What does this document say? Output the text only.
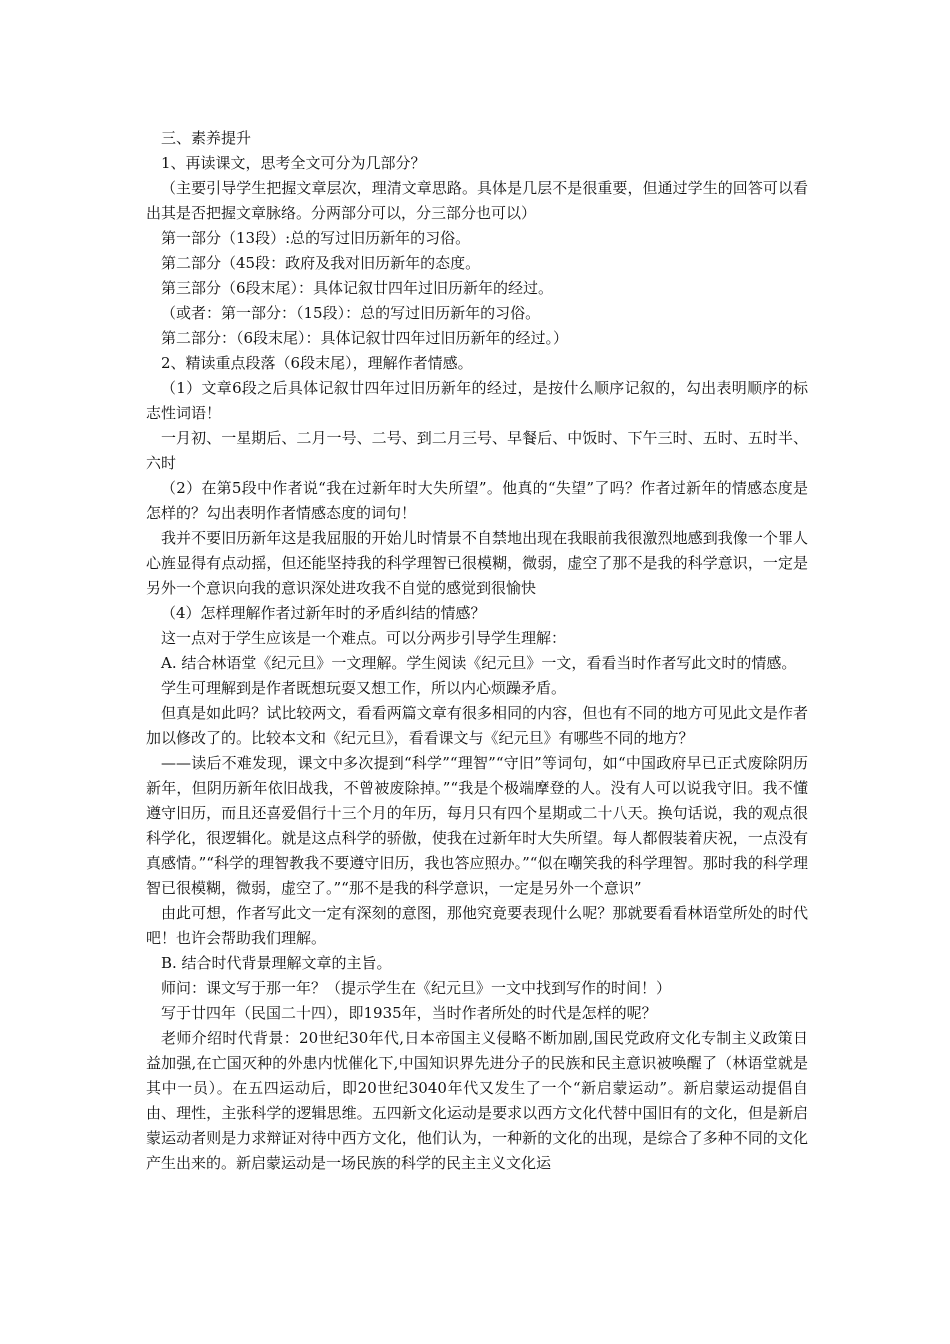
三、素养提升

1、再读课文，思考全文可分为几部分？

（主要引导学生把握文章层次，理清文章思路。具体是几层不是很重要，但通过学生的回答可以看出其是否把握文章脉络。分两部分可以，分三部分也可以）

第一部分（13段）:总的写过旧历新年的习俗。

第二部分（45段：政府及我对旧历新年的态度。

第三部分（6段末尾）：具体记叙廿四年过旧历新年的经过。

（或者：第一部分：（15段）：总的写过旧历新年的习俗。

第二部分：（6段末尾）：具体记叙廿四年过旧历新年的经过。）

2、精读重点段落（6段末尾），理解作者情感。

（1）文章6段之后具体记叙廿四年过旧历新年的经过，是按什么顺序记叙的，勾出表明顺序的标志性词语！

一月初、一星期后、二月一号、二号、到二月三号、早餐后、中饭时、下午三时、五时、五时半、六时

（2）在第5段中作者说“我在过新年时大失所望”。他真的“失望”了吗？作者过新年的情感态度是怎样的？勾出表明作者情感态度的词句！

我并不要旧历新年这是我屈服的开始儿时情景不自禁地出现在我眼前我很激烈地感到我像一个罪人心旌显得有点动摇，但还能坚持我的科学理智已很模糊，微弱，虚空了那不是我的科学意识，一定是另外一个意识向我的意识深处进攻我不自觉的感觉到很愉快

（4）怎样理解作者过新年时的矛盾纠结的情感？

这一点对于学生应该是一个难点。可以分两步引导学生理解：

A. 结合林语堂《纪元旦》一文理解。学生阅读《纪元旦》一文，看看当时作者写此文时的情感。

学生可理解到是作者既想玩耍又想工作，所以内心烦躁矛盾。

但真是如此吗？试比较两文，看看两篇文章有很多相同的内容，但也有不同的地方可见此文是作者加以修改了的。比较本文和《纪元旦》，看看课文与《纪元旦》有哪些不同的地方？

——读后不难发现，课文中多次提到“科学”“理智”“守旧”等词句，如“中国政府早已正式废除阴历新年，但阴历新年依旧战我，不曾被废除掉。”“我是个极端摩登的人。没有人可以说我守旧。我不懂遵守旧历，而且还喜爱倡行十三个月的年历，每月只有四个星期或二十八天。换句话说，我的观点很科学化，很逻辑化。就是这点科学的骄傲，使我在过新年时大失所望。每人都假装着庆祝，一点没有真感情。”“科学的理智教我不要遵守旧历，我也答应照办。”“似在嘲笑我的科学理智。那时我的科学理智已很模糊，微弱，虚空了。”“那不是我的科学意识，一定是另外一个意识”

由此可想，作者写此文一定有深刻的意图，那他究竟要表现什么呢？那就要看看林语堂所处的时代吧！也许会帮助我们理解。

B. 结合时代背景理解文章的主旨。

师问：课文写于那一年？（提示学生在《纪元旦》一文中找到写作的时间！）

写于廿四年（民国二十四），即1935年，当时作者所处的时代是怎样的呢？

老师介绍时代背景：20世纪30年代,日本帝国主义侵略不断加剧,国民党政府文化专制主义政策日益加强,在亡国灭种的外患内忧催化下,中国知识界先进分子的民族和民主意识被唤醒了（林语堂就是其中一员）。在五四运动后，即20世纪3040年代又发生了一个“新启蒙运动”。新启蒙运动提倡自由、理性，主张科学的逻辑思维。五四新文化运动是要求以西方文化代替中国旧有的文化，但是新启蒙运动者则是力求辩证对待中西方文化，他们认为，一种新的文化的出现，是综合了多种不同的文化产生出来的。新启蒙运动是一场民族的科学的民主主义文化运
